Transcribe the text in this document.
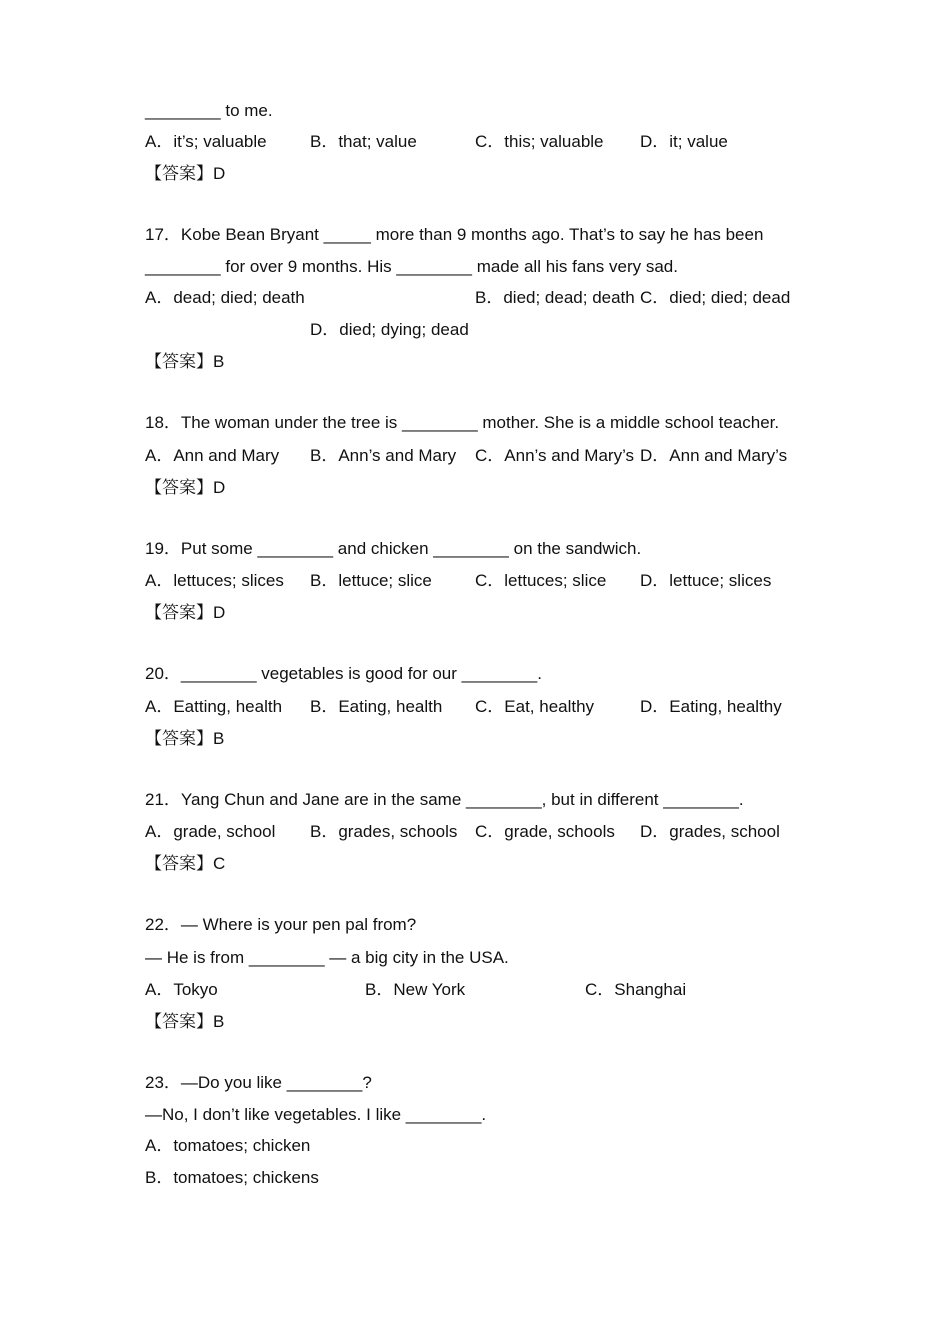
________ to me.
A．it’s; valuable	B．that; value	C．this; valuable D．it; value
【答案】D
17．Kobe Bean Bryant _____ more than 9 months ago. That’s to say he has been
________ for over 9 months. His ________ made all his fans very sad.
A．dead; died; death	B．died; dead; death C．died; died; dead
D．died; dying; dead
【答案】B
18．The woman under the tree is ________ mother. She is a middle school teacher.
A．Ann and Mary B．Ann’s and Mary C．Ann’s and Mary’s D．Ann and Mary’s
【答案】D
19．Put some ________ and chicken ________ on the sandwich.
A．lettuces; slices B．lettuce; slice	C．lettuces; slice D．lettuce; slices
【答案】D
20．________ vegetables is good for our ________.
A．Eatting, health B．Eating, health C．Eat, healthy	D．Eating, healthy
【答案】B
21．Yang Chun and Jane are in the same ________, but in different ________.
A．grade, school B．grades, schools C．grade, schools D．grades, school
【答案】C
22．— Where is your pen pal from?
— He is from ________ — a big city in the USA.
A．Tokyo	B．New York	C．Shanghai
【答案】B
23．—Do you like ________?
—No, I don’t like vegetables. I like ________.
A．tomatoes; chicken
B．tomatoes; chickens
